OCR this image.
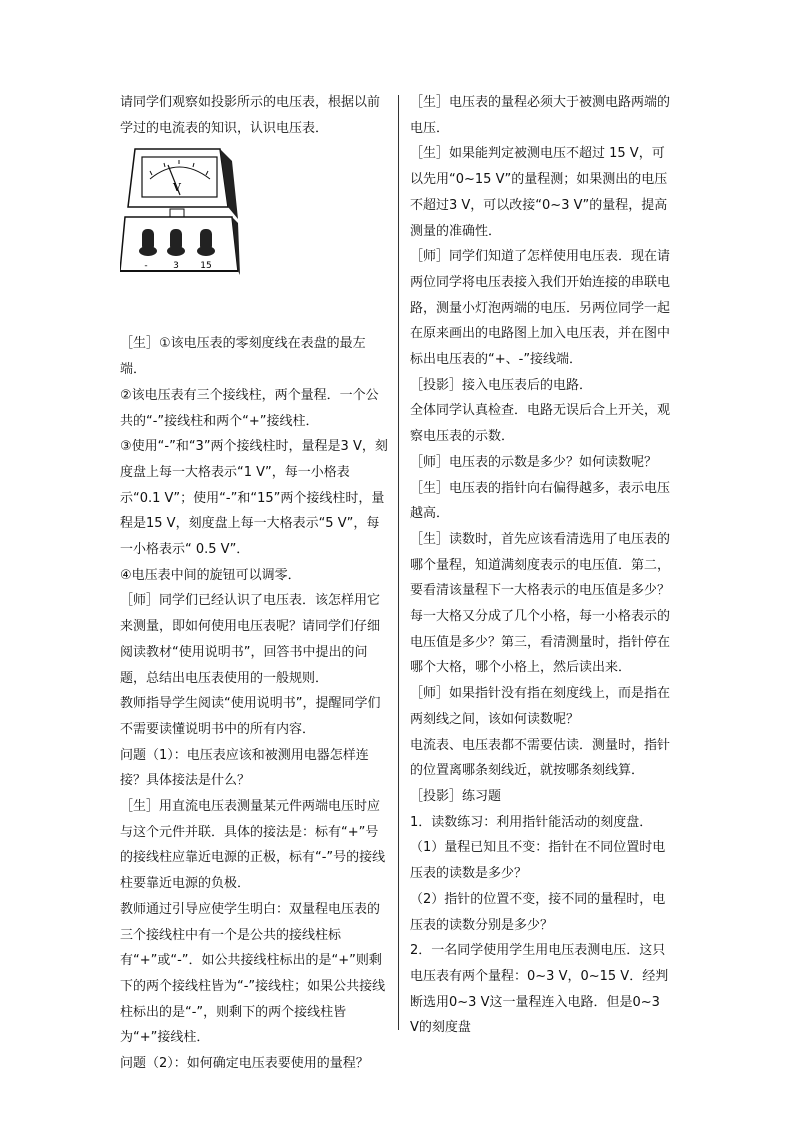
请同学们观察如投影所示的电压表，根据以前学过的电流表的知识，认识电压表．

V
-	3 15

［生］①该电压表的零刻度线在表盘的最左端．

②该电压表有三个接线柱，两个量程．一个公共的“-”接线柱和两个“+”接线柱．

③使用“-”和“3”两个接线柱时，量程是3 V，刻度盘上每一大格表示“1 V”，每一小格表示“0.1 V”；使用“-”和“15”两个接线柱时，量程是15 V，刻度盘上每一大格表示“5 V”，每一小格表示“ 0.5 V”．

④电压表中间的旋钮可以调零．

［师］同学们已经认识了电压表．该怎样用它来测量，即如何使用电压表呢？请同学们仔细阅读教材“使用说明书”，回答书中提出的问题，总结出电压表使用的一般规则．

教师指导学生阅读“使用说明书”，提醒同学们不需要读懂说明书中的所有内容．

问题（1）：电压表应该和被测用电器怎样连接？具体接法是什么？

［生］用直流电压表测量某元件两端电压时应与这个元件并联．具体的接法是：标有“+”号的接线柱应靠近电源的正极，标有“-”号的接线柱要靠近电源的负极．

教师通过引导应使学生明白：双量程电压表的三个接线柱中有一个是公共的接线柱标有“+”或“-”．如公共接线柱标出的是“+”则剩下的两个接线柱皆为“-”接线柱；如果公共接线柱标出的是“-”，则剩下的两个接线柱皆为“+”接线柱．

问题（2）：如何确定电压表要使用的量程？

［生］电压表的量程必须大于被测电路两端的电压．

［生］如果能判定被测电压不超过 15 V，可以先用“0~15 V”的量程测；如果测出的电压不超过3 V，可以改接“0~3 V”的量程，提高测量的准确性．

［师］同学们知道了怎样使用电压表．现在请两位同学将电压表接入我们开始连接的串联电路，测量小灯泡两端的电压．另两位同学一起在原来画出的电路图上加入电压表，并在图中标出电压表的“+、-”接线端．

［投影］接入电压表后的电路．

全体同学认真检查．电路无误后合上开关，观察电压表的示数．

［师］电压表的示数是多少？如何读数呢？

［生］电压表的指针向右偏得越多，表示电压越高．

［生］读数时，首先应该看清选用了电压表的哪个量程，知道满刻度表示的电压值．第二，要看清该量程下一大格表示的电压值是多少？每一大格又分成了几个小格，每一小格表示的电压值是多少？第三，看清测量时，指针停在哪个大格，哪个小格上，然后读出来．

［师］如果指针没有指在刻度线上，而是指在两刻线之间，该如何读数呢？

电流表、电压表都不需要估读．测量时，指针的位置离哪条刻线近，就按哪条刻线算．

［投影］练习题

1．读数练习：利用指针能活动的刻度盘．

（1）量程已知且不变：指针在不同位置时电压表的读数是多少？

（2）指针的位置不变，接不同的量程时，电压表的读数分别是多少？

2．一名同学使用学生用电压表测电压．这只电压表有两个量程：0~3 V，0~15 V．经判断选用0~3 V这一量程连入电路．但是0~3 V的刻度盘
